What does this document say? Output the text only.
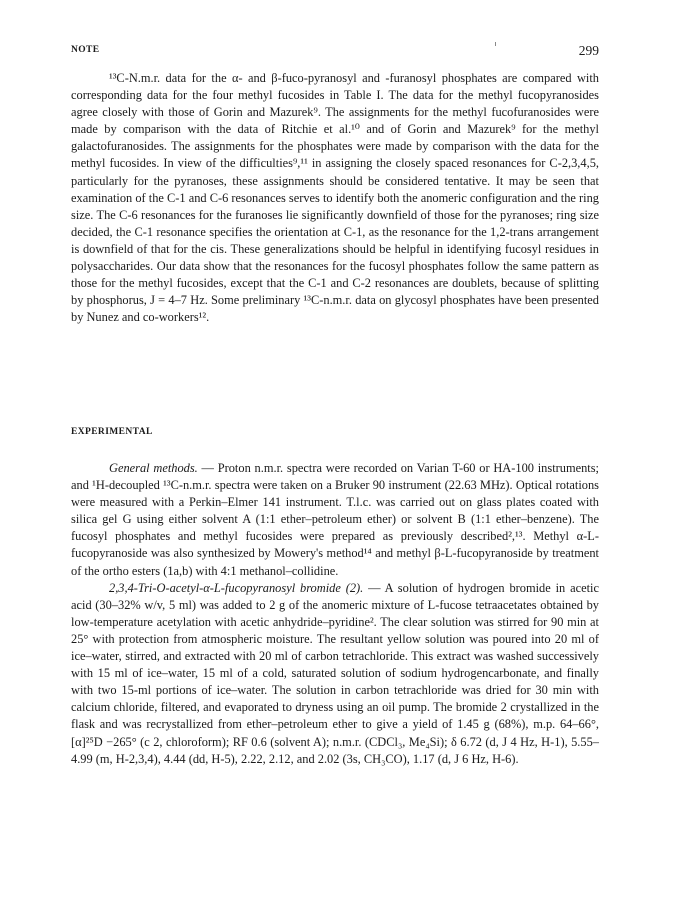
NOTE	299

¹³C-N.m.r. data for the α- and β-fuco-pyranosyl and -furanosyl phosphates are compared with corresponding data for the four methyl fucosides in Table I. The data for the methyl fucopyranosides agree closely with those of Gorin and Mazurek⁹. The assignments for the methyl fucofuranosides were made by comparison with the data of Ritchie et al.¹⁰ and of Gorin and Mazurek⁹ for the methyl galactofuranosides. The assignments for the phosphates were made by comparison with the data for the methyl fucosides. In view of the difficulties⁹,¹¹ in assigning the closely spaced resonances for C-2,3,4,5, particularly for the pyranoses, these assignments should be considered tentative. It may be seen that examination of the C-1 and C-6 resonances serves to identify both the anomeric configuration and the ring size. The C-6 resonances for the furanoses lie significantly downfield of those for the pyranoses; ring size decided, the C-1 resonance specifies the orientation at C-1, as the resonance for the 1,2-trans arrangement is downfield of that for the cis. These generalizations should be helpful in identifying fucosyl residues in polysaccharides. Our data show that the resonances for the fucosyl phosphates follow the same pattern as those for the methyl fucosides, except that the C-1 and C-2 resonances are doublets, because of splitting by phosphorus, J = 4–7 Hz. Some preliminary ¹³C-n.m.r. data on glycosyl phosphates have been presented by Nunez and co-workers¹².

EXPERIMENTAL

General methods. — Proton n.m.r. spectra were recorded on Varian T-60 or HA-100 instruments; and ¹H-decoupled ¹³C-n.m.r. spectra were taken on a Bruker 90 instrument (22.63 MHz). Optical rotations were measured with a Perkin–Elmer 141 instrument. T.l.c. was carried out on glass plates coated with silica gel G using either solvent A (1:1 ether–petroleum ether) or solvent B (1:1 ether–benzene). The fucosyl phosphates and methyl fucosides were prepared as previously described²,¹³. Methyl α-L-fucopyranoside was also synthesized by Mowery's method¹⁴ and methyl β-L-fucopyranoside by treatment of the ortho esters (1a,b) with 4:1 methanol–collidine.

2,3,4-Tri-O-acetyl-α-L-fucopyranosyl bromide (2). — A solution of hydrogen bromide in acetic acid (30–32% w/v, 5 ml) was added to 2 g of the anomeric mixture of L-fucose tetraacetates obtained by low-temperature acetylation with acetic anhydride–pyridine². The clear solution was stirred for 90 min at 25° with protection from atmospheric moisture. The resultant yellow solution was poured into 20 ml of ice–water, stirred, and extracted with 20 ml of carbon tetrachloride. This extract was washed successively with 15 ml of ice–water, 15 ml of a cold, saturated solution of sodium hydrogencarbonate, and finally with two 15-ml portions of ice–water. The solution in carbon tetrachloride was dried for 30 min with calcium chloride, filtered, and evaporated to dryness using an oil pump. The bromide 2 crystallized in the flask and was recrystallized from ether–petroleum ether to give a yield of 1.45 g (68%), m.p. 64–66°, [α]²⁵D −265° (c 2, chloroform); RF 0.6 (solvent A); n.m.r. (CDCl₃, Me₄Si); δ 6.72 (d, J 4 Hz, H-1), 5.55–4.99 (m, H-2,3,4), 4.44 (dd, H-5), 2.22, 2.12, and 2.02 (3s, CH₃CO), 1.17 (d, J 6 Hz, H-6).
